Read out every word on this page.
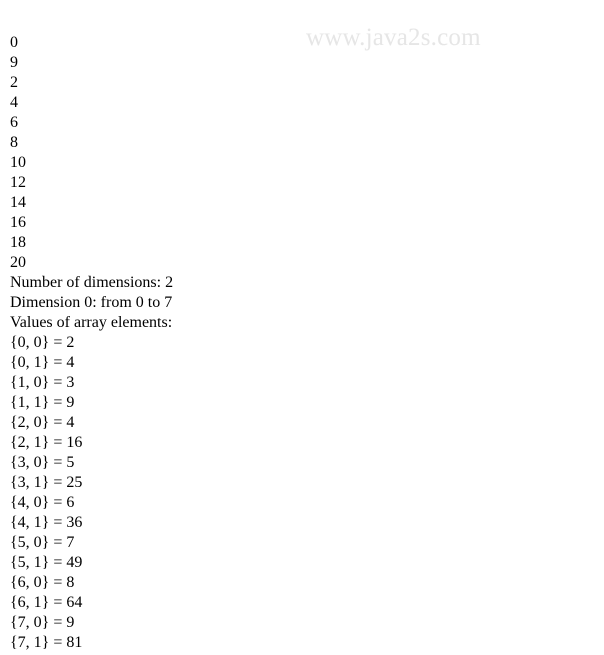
www.java2s.com
0
9
2
4
6
8
10
12
14
16
18
20
Number of dimensions: 2
Dimension 0: from 0 to 7
Values of array elements:
{0, 0} = 2
{0, 1} = 4
{1, 0} = 3
{1, 1} = 9
{2, 0} = 4
{2, 1} = 16
{3, 0} = 5
{3, 1} = 25
{4, 0} = 6
{4, 1} = 36
{5, 0} = 7
{5, 1} = 49
{6, 0} = 8
{6, 1} = 64
{7, 0} = 9
{7, 1} = 81
